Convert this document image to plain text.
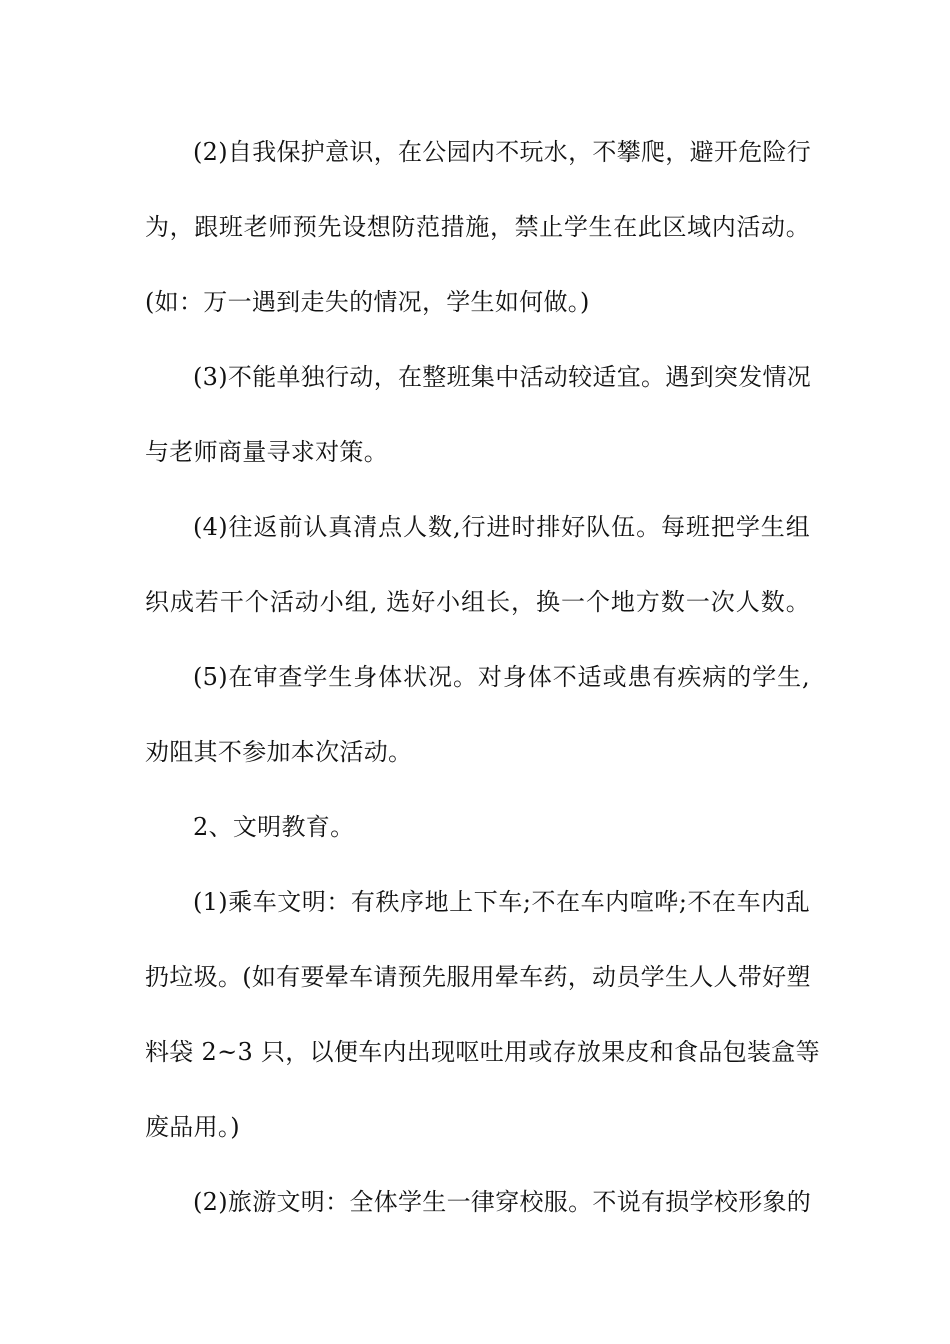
(2)自我保护意识，在公园内不玩水，不攀爬，避开危险行
为，跟班老师预先设想防范措施，禁止学生在此区域内活动。
(如：万一遇到走失的情况，学生如何做。)
(3)不能单独行动，在整班集中活动较适宜。遇到突发情况
与老师商量寻求对策。
(4)往返前认真清点人数,行进时排好队伍。每班把学生组
织成若干个活动小组, 选好小组长，换一个地方数一次人数。
(5)在审查学生身体状况。对身体不适或患有疾病的学生,
劝阻其不参加本次活动。
2、文明教育。
(1)乘车文明：有秩序地上下车;不在车内喧哗;不在车内乱
扔垃圾。(如有要晕车请预先服用晕车药，动员学生人人带好塑
料袋 2~3 只，以便车内出现呕吐用或存放果皮和食品包装盒等
废品用。)
(2)旅游文明：全体学生一律穿校服。不说有损学校形象的
